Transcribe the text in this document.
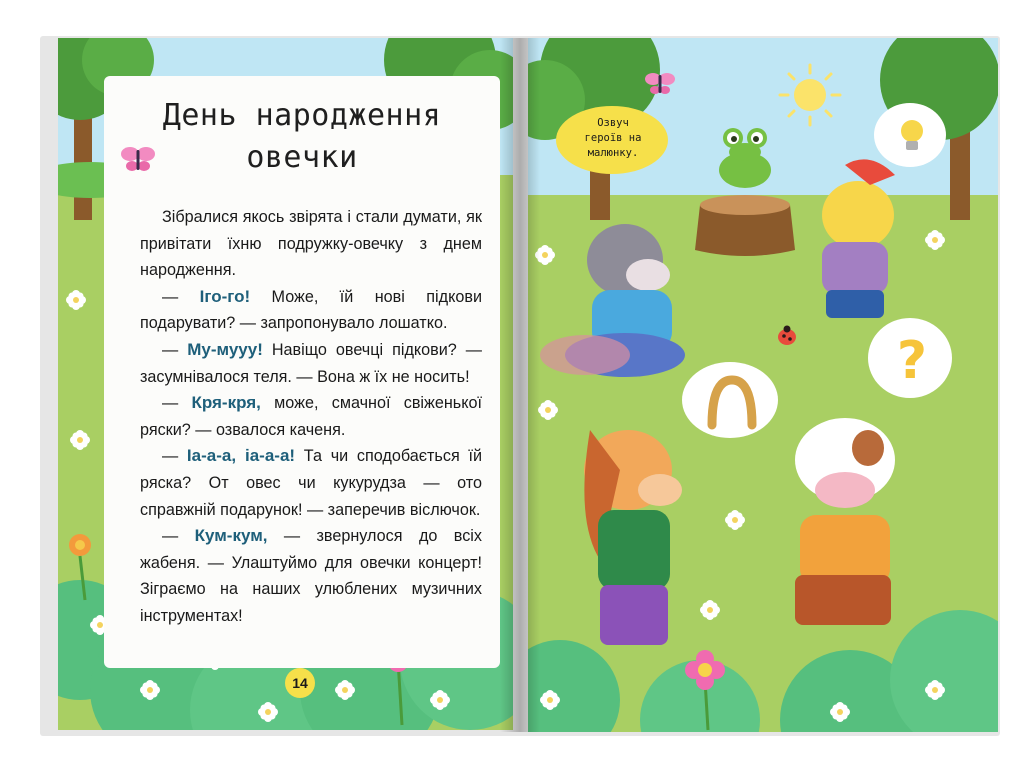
?
День народження
овечки

Зібралися якось звірята і стали думати, як привітати їхню подружку-овечку з днем народження.

— Іго-го! Може, їй нові підкови подарувати? — запропонувало лошатко.

— Му-мууу! Навіщо овечці підкови? — засумнівалося теля. — Вона ж їх не носить!

— Кря-кря, може, смачної свіженької ряски? — озвалося каченя.

— Іа-а-а, іа-а-а! Та чи сподобається їй ряска? От овес чи кукурудза — ото справжній подарунок! — заперечив віслючок.

— Кум-кум, — звернулося до всіх жабеня. — Улаштуймо для овечки концерт! Зіграємо на наших улюблених музичних інструментах!

14
Озвуч
героїв на
малюнку.
